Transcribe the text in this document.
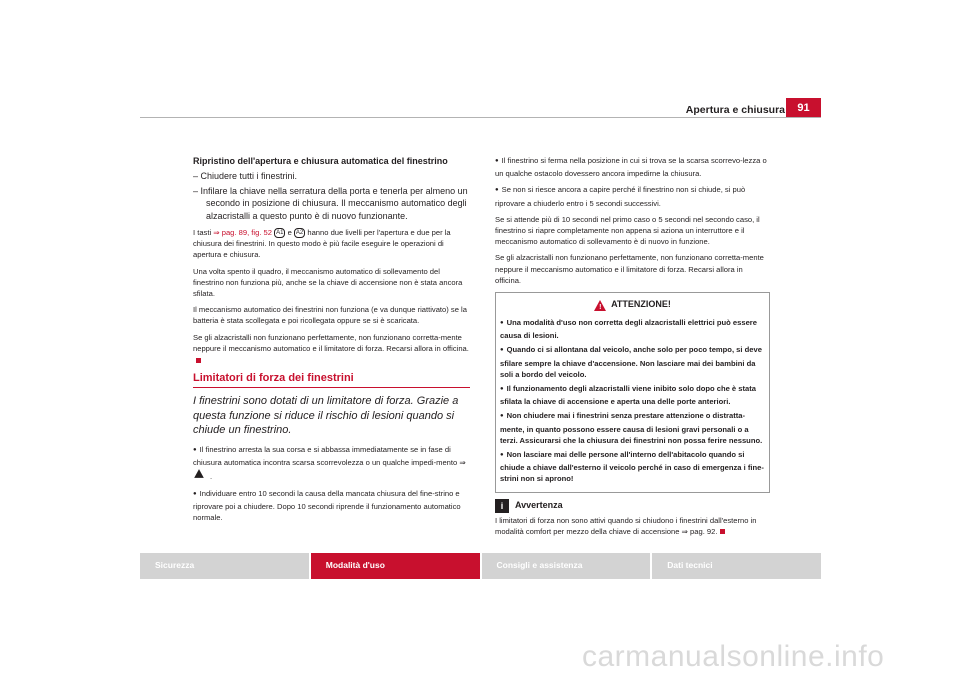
Apertura e chiusura	91
Ripristino dell'apertura e chiusura automatica del finestrino
– Chiudere tutti i finestrini.
– Infilare la chiave nella serratura della porta e tenerla per almeno un secondo in posizione di chiusura. Il meccanismo automatico degli alzacristalli a questo punto è di nuovo funzionante.

I tasti ⇒ pag. 89, fig. 52 A1 e A2 hanno due livelli per l'apertura e due per la chiusura dei finestrini. In questo modo è più facile eseguire le operazioni di apertura e chiusura.

Una volta spento il quadro, il meccanismo automatico di sollevamento del finestrino non funziona più, anche se la chiave di accensione non è stata ancora sfilata.

Il meccanismo automatico dei finestrini non funziona (e va dunque riattivato) se la batteria è stata scollegata e poi ricollegata oppure se si è scaricata.

Se gli alzacristalli non funzionano perfettamente, non funzionano corretta-mente neppure il meccanismo automatico e il limitatore di forza. Recarsi allora in officina.

Limitatori di forza dei finestrini
I finestrini sono dotati di un limitatore di forza. Grazie a questa funzione si riduce il rischio di lesioni quando si chiude un finestrino.

● Il finestrino arresta la sua corsa e si abbassa immediatamente se in fase di chiusura automatica incontra scarsa scorrevolezza o un qualche impedi-mento ⇒ .

● Individuare entro 10 secondi la causa della mancata chiusura del fine-strino e riprovare poi a chiudere. Dopo 10 secondi riprende il funzionamento automatico normale.

● Il finestrino si ferma nella posizione in cui si trova se la scarsa scorrevo-lezza o un qualche ostacolo dovessero ancora impedirne la chiusura.

● Se non si riesce ancora a capire perché il finestrino non si chiude, si può riprovare a chiuderlo entro i 5 secondi successivi.

Se si attende più di 10 secondi nel primo caso o 5 secondi nel secondo caso, il finestrino si riapre completamente non appena si aziona un interruttore e il meccanismo automatico di sollevamento è di nuovo in funzione.

Se gli alzacristalli non funzionano perfettamente, non funzionano corretta-mente neppure il meccanismo automatico e il limitatore di forza. Recarsi allora in officina.

! ATTENZIONE!

● Una modalità d'uso non corretta degli alzacristalli elettrici può essere causa di lesioni.

● Quando ci si allontana dal veicolo, anche solo per poco tempo, si deve sfilare sempre la chiave d'accensione. Non lasciare mai dei bambini da soli a bordo del veicolo.

● Il funzionamento degli alzacristalli viene inibito solo dopo che è stata sfilata la chiave di accensione e aperta una delle porte anteriori.

● Non chiudere mai i finestrini senza prestare attenzione o distratta-mente, in quanto possono essere causa di lesioni gravi personali o a terzi. Assicurarsi che la chiusura dei finestrini non possa ferire nessuno.

● Non lasciare mai delle persone all'interno dell'abitacolo quando si chiude a chiave dall'esterno il veicolo perché in caso di emergenza i fine-strini non si aprono!

i	Avvertenza

I limitatori di forza non sono attivi quando si chiudono i finestrini dall'esterno in modalità comfort per mezzo della chiave di accensione ⇒ pag. 92.

Sicurezza	Modalità d'uso	Consigli e assistenza	Dati tecnici
carmanualsonline.info
